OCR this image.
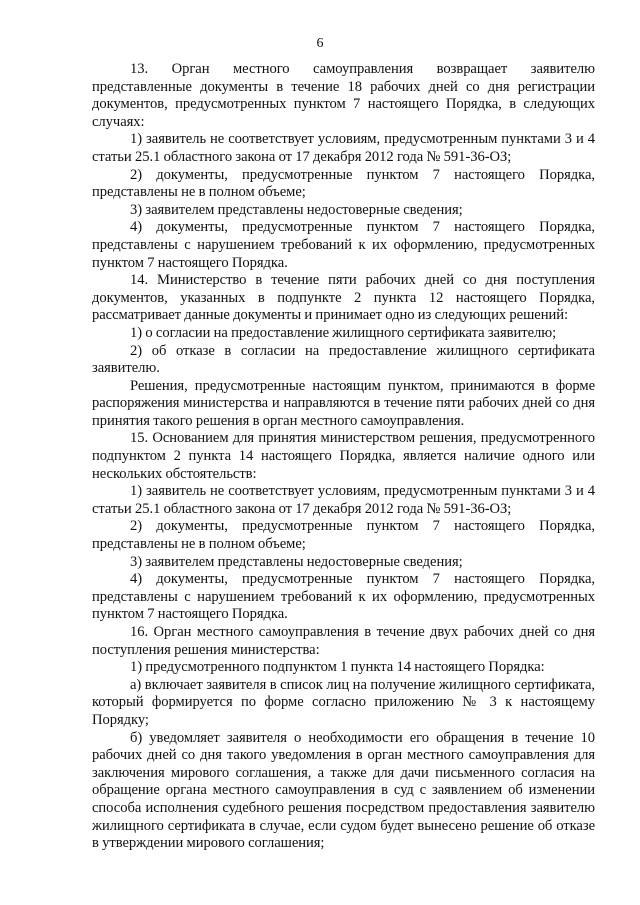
6

13. Орган местного самоуправления возвращает заявителю представленные документы в течение 18 рабочих дней со дня регистрации документов, предусмотренных пунктом 7 настоящего Порядка, в следующих случаях:

1) заявитель не соответствует условиям, предусмотренным пунктами 3 и 4 статьи 25.1 областного закона от 17 декабря 2012 года № 591-36-ОЗ;

2) документы, предусмотренные пунктом 7 настоящего Порядка, представлены не в полном объеме;

3) заявителем представлены недостоверные сведения;

4) документы, предусмотренные пунктом 7 настоящего Порядка, представлены с нарушением требований к их оформлению, предусмотренных пунктом 7 настоящего Порядка.

14. Министерство в течение пяти рабочих дней со дня поступления документов, указанных в подпункте 2 пункта 12 настоящего Порядка, рассматривает данные документы и принимает одно из следующих решений:

1) о согласии на предоставление жилищного сертификата заявителю;

2) об отказе в согласии на предоставление жилищного сертификата заявителю.

Решения, предусмотренные настоящим пунктом, принимаются в форме распоряжения министерства и направляются в течение пяти рабочих дней со дня принятия такого решения в орган местного самоуправления.

15. Основанием для принятия министерством решения, предусмотренного подпунктом 2 пункта 14 настоящего Порядка, является наличие одного или нескольких обстоятельств:

1) заявитель не соответствует условиям, предусмотренным пунктами 3 и 4 статьи 25.1 областного закона от 17 декабря 2012 года № 591-36-ОЗ;

2) документы, предусмотренные пунктом 7 настоящего Порядка, представлены не в полном объеме;

3) заявителем представлены недостоверные сведения;

4) документы, предусмотренные пунктом 7 настоящего Порядка, представлены с нарушением требований к их оформлению, предусмотренных пунктом 7 настоящего Порядка.

16. Орган местного самоуправления в течение двух рабочих дней со дня поступления решения министерства:

1) предусмотренного подпунктом 1 пункта 14 настоящего Порядка:

а) включает заявителя в список лиц на получение жилищного сертификата, который формируется по форме согласно приложению № 3 к настоящему Порядку;

б) уведомляет заявителя о необходимости его обращения в течение 10 рабочих дней со дня такого уведомления в орган местного самоуправления для заключения мирового соглашения, а также для дачи письменного согласия на обращение органа местного самоуправления в суд с заявлением об изменении способа исполнения судебного решения посредством предоставления заявителю жилищного сертификата в случае, если судом будет вынесено решение об отказе в утверждении мирового соглашения;
